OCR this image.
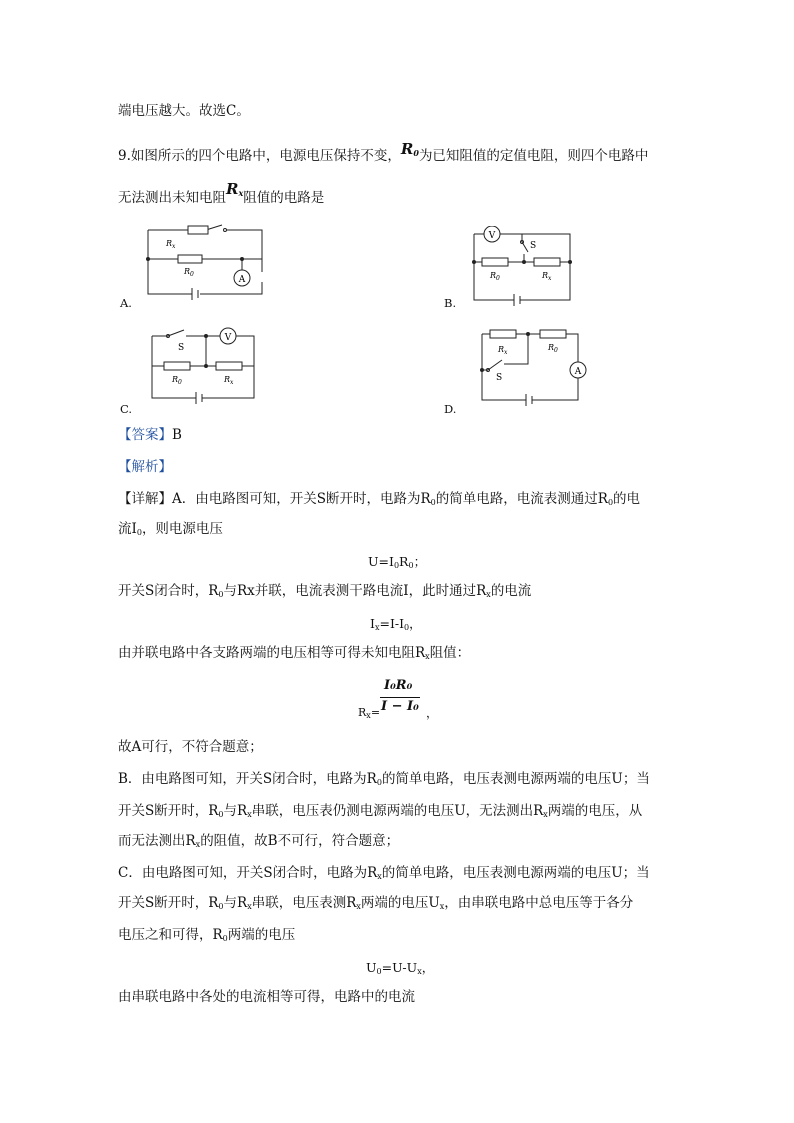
端电压越大。故选C。
9.如图所示的四个电路中，电源电压保持不变，$R_0$为已知阻值的定值电阻，则四个电路中
无法测出未知电阻$R_x$阻值的电路是
A
$R_x$
$R_0$
A.
V
S
$R_0$	$R_x$
B.
V
S
$R_0$	$R_x$
C.
A
$R_x$
$R_0$
S
D.
【答案】B
【解析】
【详解】A．由电路图可知，开关S断开时，电路为$R_0$的简单电路，电流表测通过$R_0$的电
流$I_0$，则电源电压
$U=I_0R_0$；
开关S闭合时，$R_0$与Rx并联，电流表测干路电流I，此时通过$R_x$的电流
$I_x=I-I_0$，
由并联电路中各支路两端的电压相等可得未知电阻$R_x$阻值：
$R_x=$
I₀R₀
I − I₀ ，
故A可行，不符合题意；
B．由电路图可知，开关S闭合时，电路为$R_0$的简单电路，电压表测电源两端的电压U；当
开关S断开时，$R_0$与$R_x$串联，电压表仍测电源两端的电压U，无法测出$R_x$两端的电压，从
而无法测出$R_x$的阻值，故B不可行，符合题意；
C．由电路图可知，开关S闭合时，电路为$R_x$的简单电路，电压表测电源两端的电压U；当
开关S断开时，$R_0$与$R_x$串联，电压表测$R_x$两端的电压$U_x$，由串联电路中总电压等于各分
电压之和可得，$R_0$两端的电压
$U_0=U-U_x$，
由串联电路中各处的电流相等可得，电路中的电流
